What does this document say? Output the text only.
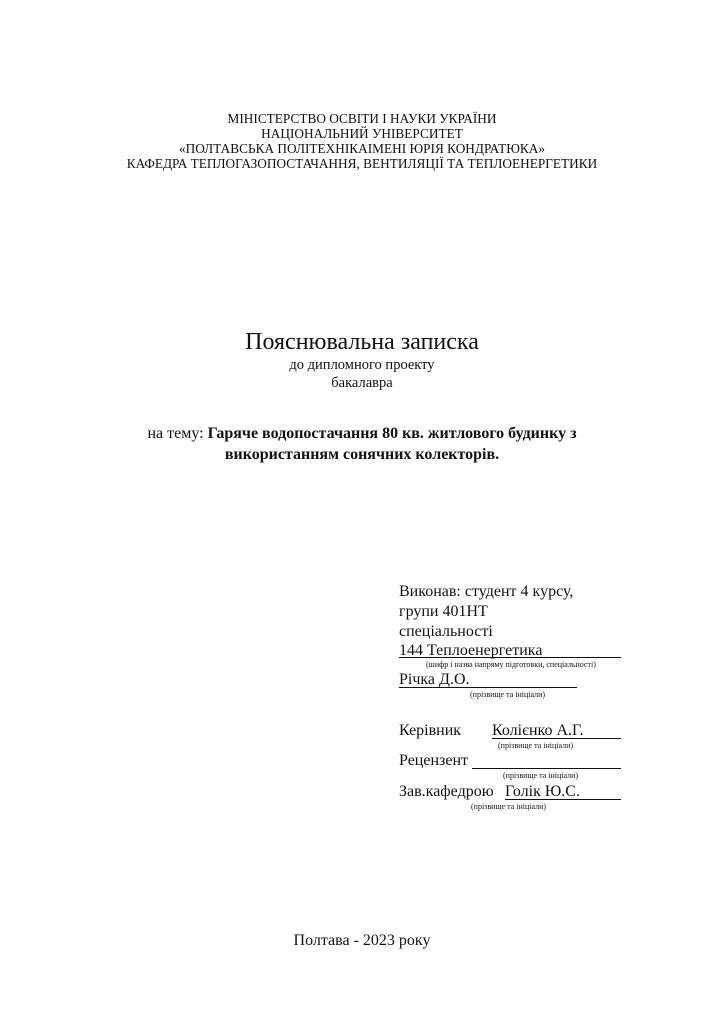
МІНІСТЕРСТВО ОСВІТИ І НАУКИ УКРАЇНИ
НАЦІОНАЛЬНИЙ УНІВЕРСИТЕТ
«ПОЛТАВСЬКА ПОЛІТЕХНІКАІМЕНІ ЮРІЯ КОНДРАТЮКА»
КАФЕДРА ТЕПЛОГАЗОПОСТАЧАННЯ, ВЕНТИЛЯЦІЇ ТА ТЕПЛОЕНЕРГЕТИКИ
Пояснювальна записка
до дипломного проекту
бакалавра
на тему: Гаряче водопостачання 80 кв. житлового будинку з
використанням сонячних колекторів.
Виконав: студент 4 курсу,
групи 401НТ
спеціальності
144 Теплоенергетика
(шифр і назва напряму підготовки, спеціальності)
Річка Д.О.
(прізвище та ініціали)
Керівник Колієнко А.Г.
(прізвище та ініціали)
Рецензент
(прізвище та ініціали)
Зав.кафедрою Голік Ю.С.
(прізвище та ініціали)
Полтава - 2023 року
